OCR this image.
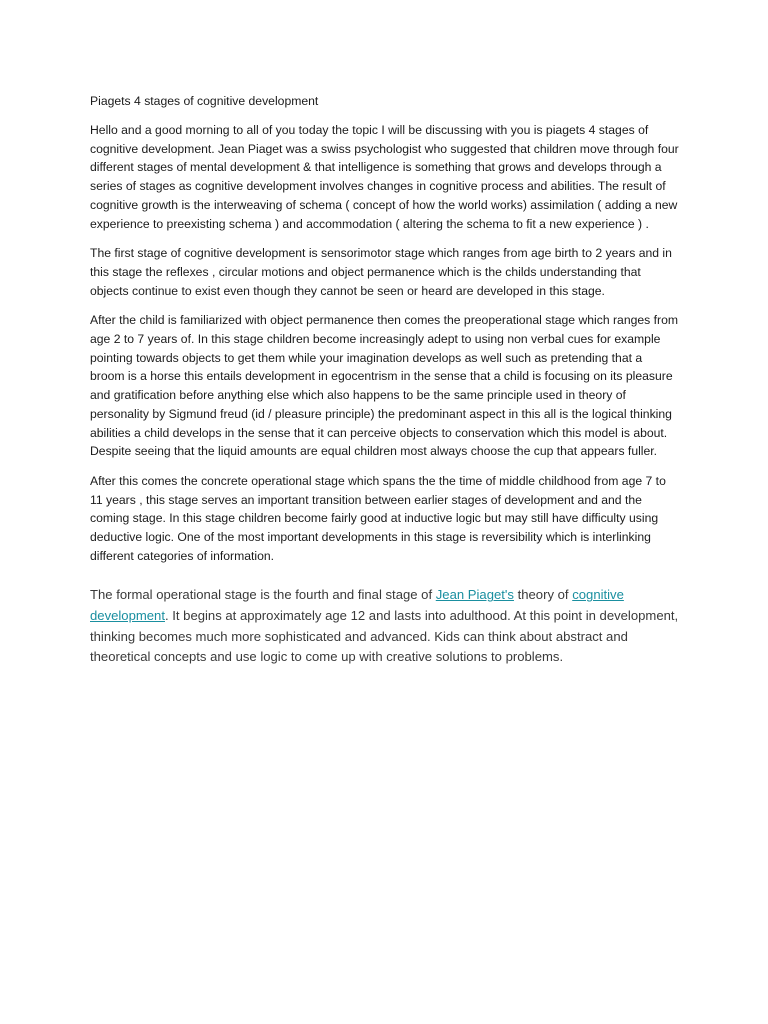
Piagets 4 stages of cognitive development

Hello and a good morning to all of you today the topic I will be discussing with you is piagets 4 stages of cognitive development. Jean Piaget was a swiss psychologist who suggested that children move through four different stages of mental development & that intelligence is something that grows and develops through a series of stages as cognitive development involves changes in cognitive process and abilities. The result of cognitive growth is the interweaving of schema ( concept of how the world works) assimilation ( adding a new experience to preexisting schema ) and accommodation ( altering the schema to fit a new experience ) .

The first stage of cognitive development is sensorimotor stage which ranges from age birth to 2 years and in this stage the reflexes , circular motions and object permanence which is the childs understanding that objects continue to exist even though they cannot be seen or heard are developed in this stage.

After the child is familiarized with object permanence then comes the preoperational stage which ranges from age 2 to 7 years of. In this stage children become increasingly adept to using non verbal cues for example pointing towards objects to get them while your imagination develops as well such as pretending that a broom is a horse this entails development in egocentrism in the sense that a child is focusing on its pleasure and gratification before anything else which also happens to be the same principle used in theory of personality by Sigmund freud (id / pleasure principle) the predominant aspect in this all is the logical thinking abilities a child develops in the sense that it can perceive objects to conservation which this model is about. Despite seeing that the liquid amounts are equal children most always choose the cup that appears fuller.

After this comes the concrete operational stage which spans the the time of middle childhood from age 7 to 11 years , this stage serves an important transition between earlier stages of development and and the coming stage. In this stage children become fairly good at inductive logic but may still have difficulty using deductive logic. One of the most important developments in this stage is reversibility which is interlinking different categories of information.

The formal operational stage is the fourth and final stage of Jean Piaget's theory of cognitive development. It begins at approximately age 12 and lasts into adulthood. At this point in development, thinking becomes much more sophisticated and advanced. Kids can think about abstract and theoretical concepts and use logic to come up with creative solutions to problems.
